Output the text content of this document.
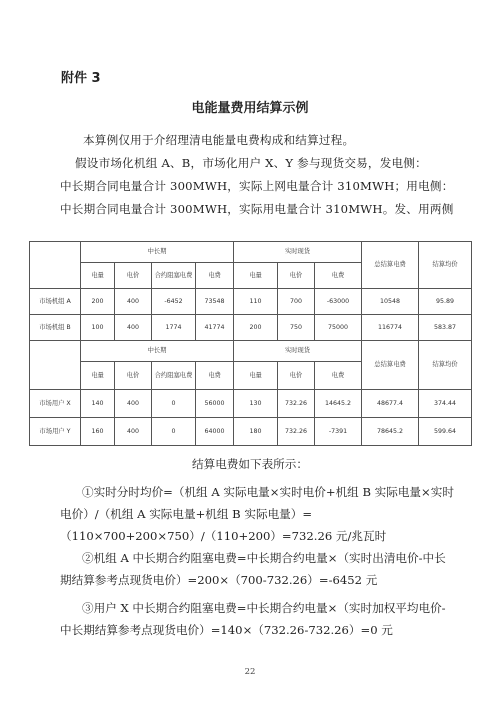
附件 3
电能量费用结算示例
本算例仅用于介绍理清电能量电费构成和结算过程。
假设市场化机组 A、B，市场化用户 X、Y 参与现货交易，发电侧：
中长期合同电量合计 300MWH，实际上网电量合计 310MWH；用电侧：
中长期合同电量合计 300MWH，实际用电量合计 310MWH。发、用两侧
	中长期				实时现货			总结算电费	结算均价
	电量	电价	合约阻塞电费	电费	电量	电价	电费		
市场机组 A	200	400	-6452	73548	110	700	-63000	10548	95.89
市场机组 B	100	400	1774	41774	200	750	75000	116774	583.87
	中长期				实时现货			总结算电费	结算均价
	电量	电价	合约阻塞电费	电费	电量	电价	电费		
市场用户 X	140	400	0	56000	130	732.26	14645.2	48677.4	374.44
市场用户 Y	160	400	0	64000	180	732.26	-7391	78645.2	599.64
结算电费如下表所示：
①实时分时均价=（机组 A 实际电量×实时电价+机组 B 实际电量×实时电价）/（机组 A 实际电量+机组 B 实际电量）=（110×700+200×750）/（110+200）=732.26 元/兆瓦时
②机组 A 中长期合约阻塞电费=中长期合约电量×（实时出清电价-中长期结算参考点现货电价）=200×（700-732.26）=-6452 元
③用户 X 中长期合约阻塞电费=中长期合约电量×（实时加权平均电价-中长期结算参考点现货电价）=140×（732.26-732.26）=0 元
22
